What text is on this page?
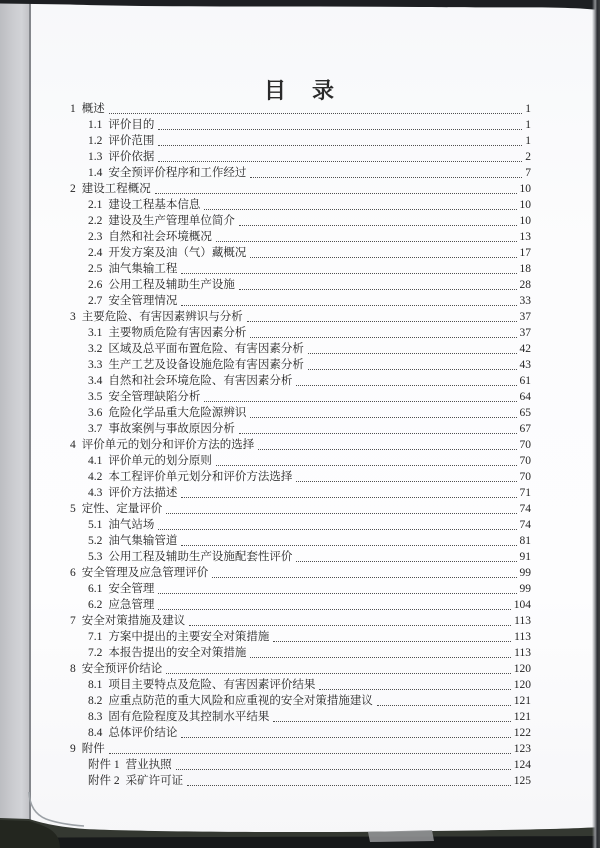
目　录
1 概述	1
1.1 评价目的	1
1.2 评价范围	1
1.3 评价依据	2
1.4 安全预评价程序和工作经过	7
2 建设工程概况	10
2.1 建设工程基本信息	10
2.2 建设及生产管理单位简介	10
2.3 自然和社会环境概况	13
2.4 开发方案及油（气）藏概况	17
2.5 油气集输工程	18
2.6 公用工程及辅助生产设施	28
2.7 安全管理情况	33
3 主要危险、有害因素辨识与分析	37
3.1 主要物质危险有害因素分析	37
3.2 区域及总平面布置危险、有害因素分析	42
3.3 生产工艺及设备设施危险有害因素分析	43
3.4 自然和社会环境危险、有害因素分析	61
3.5 安全管理缺陷分析	64
3.6 危险化学品重大危险源辨识	65
3.7 事故案例与事故原因分析	67
4 评价单元的划分和评价方法的选择	70
4.1 评价单元的划分原则	70
4.2 本工程评价单元划分和评价方法选择	70
4.3 评价方法描述	71
5 定性、定量评价	74
5.1 油气站场	74
5.2 油气集输管道	81
5.3 公用工程及辅助生产设施配套性评价	91
6 安全管理及应急管理评价	99
6.1 安全管理	99
6.2 应急管理	104
7 安全对策措施及建议	113
7.1 方案中提出的主要安全对策措施	113
7.2 本报告提出的安全对策措施	113
8 安全预评价结论	120
8.1 项目主要特点及危险、有害因素评价结果	120
8.2 应重点防范的重大风险和应重视的安全对策措施建议	121
8.3 固有危险程度及其控制水平结果	121
8.4 总体评价结论	122
9 附件	123
附件 1 营业执照	124
附件 2 采矿许可证	125
